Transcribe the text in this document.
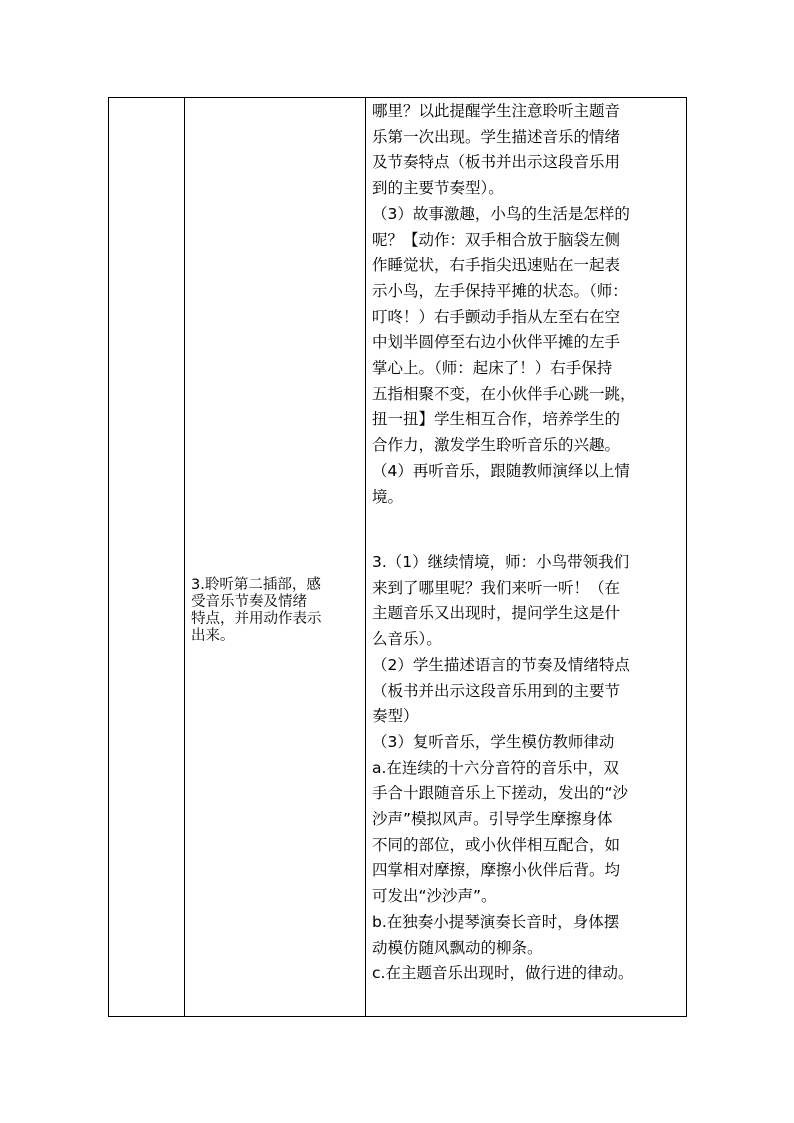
3.聆听第二插部，感
受音乐节奏及情绪
特点，并用动作表示
出来。
哪里？以此提醒学生注意聆听主题音
乐第一次出现。学生描述音乐的情绪
及节奏特点（板书并出示这段音乐用
到的主要节奏型）。
（3）故事激趣，小鸟的生活是怎样的
呢？【动作：双手相合放于脑袋左侧
作睡觉状，右手指尖迅速贴在一起表
示小鸟，左手保持平摊的状态。（师：
叮咚！）右手颤动手指从左至右在空
中划半圆停至右边小伙伴平摊的左手
掌心上。（师：起床了！）右手保持
五指相聚不变，在小伙伴手心跳一跳，
扭一扭】学生相互合作，培养学生的
合作力，激发学生聆听音乐的兴趣。
（4）再听音乐，跟随教师演绎以上情
境。
3.（1）继续情境，师：小鸟带领我们
来到了哪里呢？我们来听一听！（在
主题音乐又出现时，提问学生这是什
么音乐）。
（2）学生描述语言的节奏及情绪特点
（板书并出示这段音乐用到的主要节
奏型）
（3）复听音乐，学生模仿教师律动
a.在连续的十六分音符的音乐中，双
手合十跟随音乐上下搓动，发出的“沙
沙声”模拟风声。引导学生摩擦身体
不同的部位，或小伙伴相互配合，如
四掌相对摩擦，摩擦小伙伴后背。均
可发出“沙沙声”。
b.在独奏小提琴演奏长音时，身体摆
动模仿随风飘动的柳条。
c.在主题音乐出现时，做行进的律动。
